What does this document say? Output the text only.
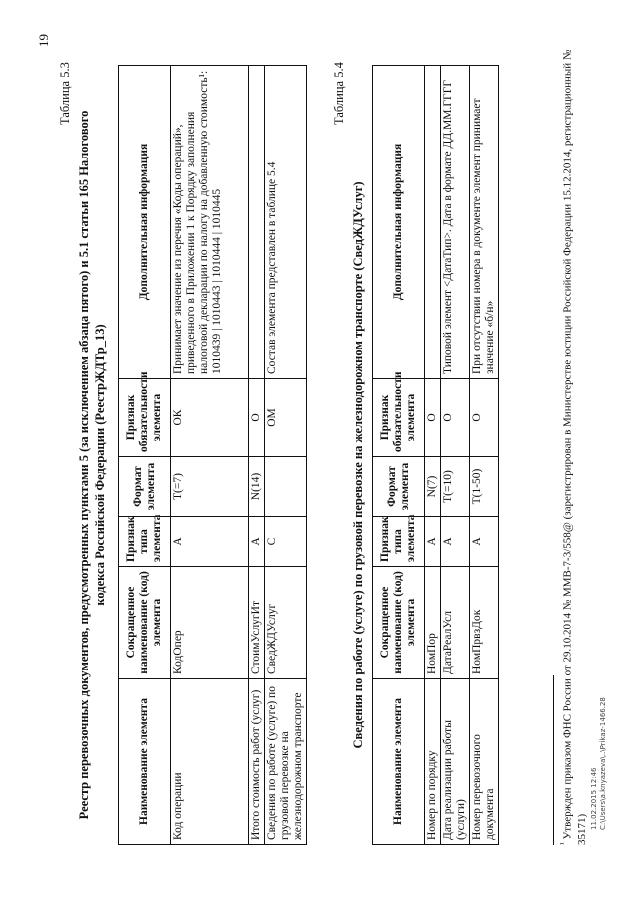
19
Таблица 5.3
Реестр перевозочных документов, предусмотренных пунктами 5 (за исключением абзаца пятого) и 5.1 статьи 165 Налогового кодекса Российской Федерации (РеестрЖДТр_13)
Наименование элемента	Сокращенное наименование (код) элемента	Признак типа элемента	Формат элемента	Признак обязательности элемента	Дополнительная информация
Код операции	КодОпер	А	T(=7)	ОК	Принимает значение из перечня «Коды операций», приведенного в Приложении 1 к Порядку заполнения налоговой декларации по налогу на добавленную стоимость¹: 1010439 | 1010443 | 1010444 | 1010445
Итого стоимость работ (услуг)	СтоимУслугИт	А	N(14)	О	
Сведения по работе (услуге) по грузовой перевозке на железнодорожном транспорте	СведЖДУслуг	С		ОМ	Состав элемента представлен в таблице 5.4
Таблица 5.4
Сведения по работе (услуге) по грузовой перевозке на железнодорожном транспорте (СведЖДУслуг)
Наименование элемента	Сокращенное наименование (код) элемента	Признак типа элемента	Формат элемента	Признак обязательности элемента	Дополнительная информация
Номер по порядку	НомПор	А	N(7)	О	
Дата реализации работы (услуги)	ДатаРеалУсл	А	T(=10)	О	Типовой элемент <ДатаТип>. Дата в формате ДД.ММ.ГГГГ
Номер перевозочного документа	НомПрвзДок	А	T(1-50)	О	При отсутствии номера в документе элемент принимает значение «б/н»
$^{^1}$ Утвержден приказом ФНС России от 29.10.2014 № ММВ-7-3/558@ (зарегистрирован в Министерстве юстиции Российской Федерации 15.12.2014, регистрационный № 35171) 11.02.2015 12:46 С:\Users\a.knyazeva\..\Prikaz-1466.28
